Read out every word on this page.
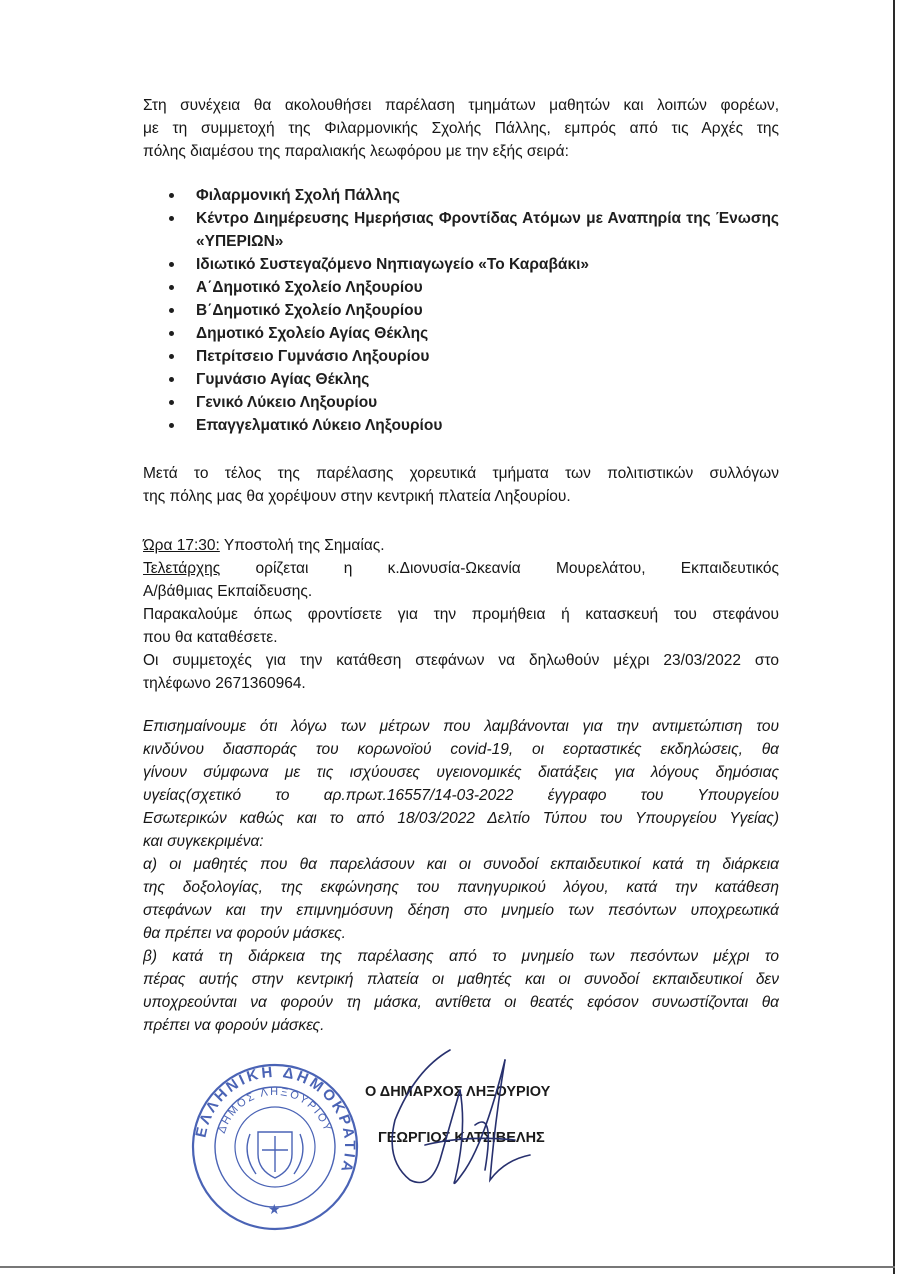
Στη συνέχεια θα ακολουθήσει παρέλαση τμημάτων μαθητών και λοιπών φορέων,
με τη συμμετοχή της Φιλαρμονικής Σχολής Πάλλης, εμπρός από τις Αρχές της
πόλης διαμέσου της παραλιακής λεωφόρου με την εξής σειρά:
Φιλαρμονική Σχολή Πάλλης
Κέντρο Διημέρευσης Ημερήσιας Φροντίδας Ατόμων με Αναπηρία της Ένωσης «ΥΠΕΡΙΩΝ»
Ιδιωτικό Συστεγαζόμενο Νηπιαγωγείο «Το Καραβάκι»
Α΄Δημοτικό Σχολείο Ληξουρίου
Β΄Δημοτικό Σχολείο Ληξουρίου
Δημοτικό Σχολείο Αγίας Θέκλης
Πετρίτσειο Γυμνάσιο Ληξουρίου
Γυμνάσιο Αγίας Θέκλης
Γενικό Λύκειο Ληξουρίου
Επαγγελματικό Λύκειο Ληξουρίου
Μετά το τέλος της παρέλασης χορευτικά τμήματα των πολιτιστικών συλλόγων
της πόλης μας θα χορέψουν στην κεντρική πλατεία Ληξουρίου.
Ώρα 17:30: Υποστολή της Σημαίας.
Τελετάρχης ορίζεται η κ.Διονυσία-Ωκεανία Μουρελάτου, Εκπαιδευτικός
Α/βάθμιας Εκπαίδευσης.
Παρακαλούμε όπως φροντίσετε για την προμήθεια ή κατασκευή του στεφάνου
που θα καταθέσετε.
Οι συμμετοχές για την κατάθεση στεφάνων να δηλωθούν μέχρι 23/03/2022 στο
τηλέφωνο 2671360964.
Επισημαίνουμε ότι λόγω των μέτρων που λαμβάνονται για την αντιμετώπιση του
κινδύνου διασποράς του κορωνοϊού covid-19, οι εορταστικές εκδηλώσεις, θα
γίνουν σύμφωνα με τις ισχύουσες υγειονομικές διατάξεις για λόγους δημόσιας
υγείας(σχετικό το αρ.πρωτ.16557/14-03-2022 έγγραφο του Υπουργείου
Εσωτερικών καθώς και το από 18/03/2022 Δελτίο Τύπου του Υπουργείου Υγείας)
και συγκεκριμένα:
α) οι μαθητές που θα παρελάσουν και οι συνοδοί εκπαιδευτικοί κατά τη διάρκεια
της δοξολογίας, της εκφώνησης του πανηγυρικού λόγου, κατά την κατάθεση
στεφάνων και την επιμνημόσυνη δέηση στο μνημείο των πεσόντων υποχρεωτικά
θα πρέπει να φορούν μάσκες.
β) κατά τη διάρκεια της παρέλασης από το μνημείο των πεσόντων μέχρι το
πέρας αυτής στην κεντρική πλατεία οι μαθητές και οι συνοδοί εκπαιδευτικοί δεν
υποχρεούνται να φορούν τη μάσκα, αντίθετα οι θεατές εφόσον συνωστίζονται θα
πρέπει να φορούν μάσκες.
ΕΛΛΗΝΙΚΗ ΔΗΜΟΚΡΑΤΙΑ
ΔΗΜΟΣ ΛΗΞΟΥΡΙΟΥ
★
Ο ΔΗΜΑΡΧΟΣ ΛΗΞΟΥΡΙΟΥ
ΓΕΩΡΓΙΟΣ ΚΑΤΣΙΒΕΛΗΣ
